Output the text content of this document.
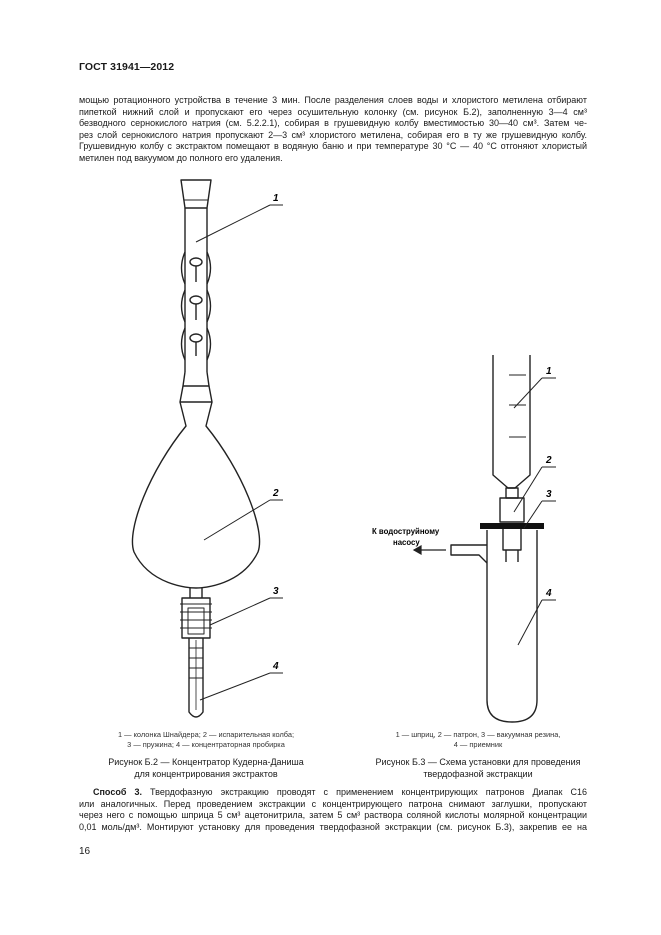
ГОСТ 31941—2012

мощью ротационного устройства в течение 3 мин. После разделения слоев воды и хлористого метилена отбирают

пипеткой нижний слой и пропускают его через осушительную колонку (см. рисунок Б.2), заполненную 3—4 см³

безводного сернокислого натрия (см. 5.2.2.1), собирая в грушевидную колбу вместимостью 30—40 см³. Затем че-

рез слой сернокислого натрия пропускают 2—3 см³ хлористого метилена, собирая его в ту же грушевидную колбу.

Грушевидную колбу с экстрактом помещают в водяную баню и при температуре 30 °С — 40 °С отгоняют хлористый

метилен под вакуумом до полного его удаления.

1
2
3
4
1
2
3
4
К водоструйному
насосу
1 — колонка Шнайдера; 2 — испарительная колба;
3 — пружина; 4 — концентраторная пробирка
Рисунок Б.2 — Концентратор Кудерна-Даниша
для концентрирования экстрактов
1 — шприц, 2 — патрон, 3 — вакуумная резина,
4 — приемник
Рисунок Б.3 — Схема установки для проведения
твердофазной экстракции
Способ 3. Твердофазную экстракцию проводят с применением концентрирующих патронов Диапак С16
или аналогичных. Перед проведением экстракции с концентрирующего патрона снимают заглушки, пропускают
через него с помощью шприца 5 см³ ацетонитрила, затем 5 см³ раствора соляной кислоты молярной концентрации
0,01 моль/дм³. Монтируют установку для проведения твердофазной экстракции (см. рисунок Б.3), закрепив ее на
16
